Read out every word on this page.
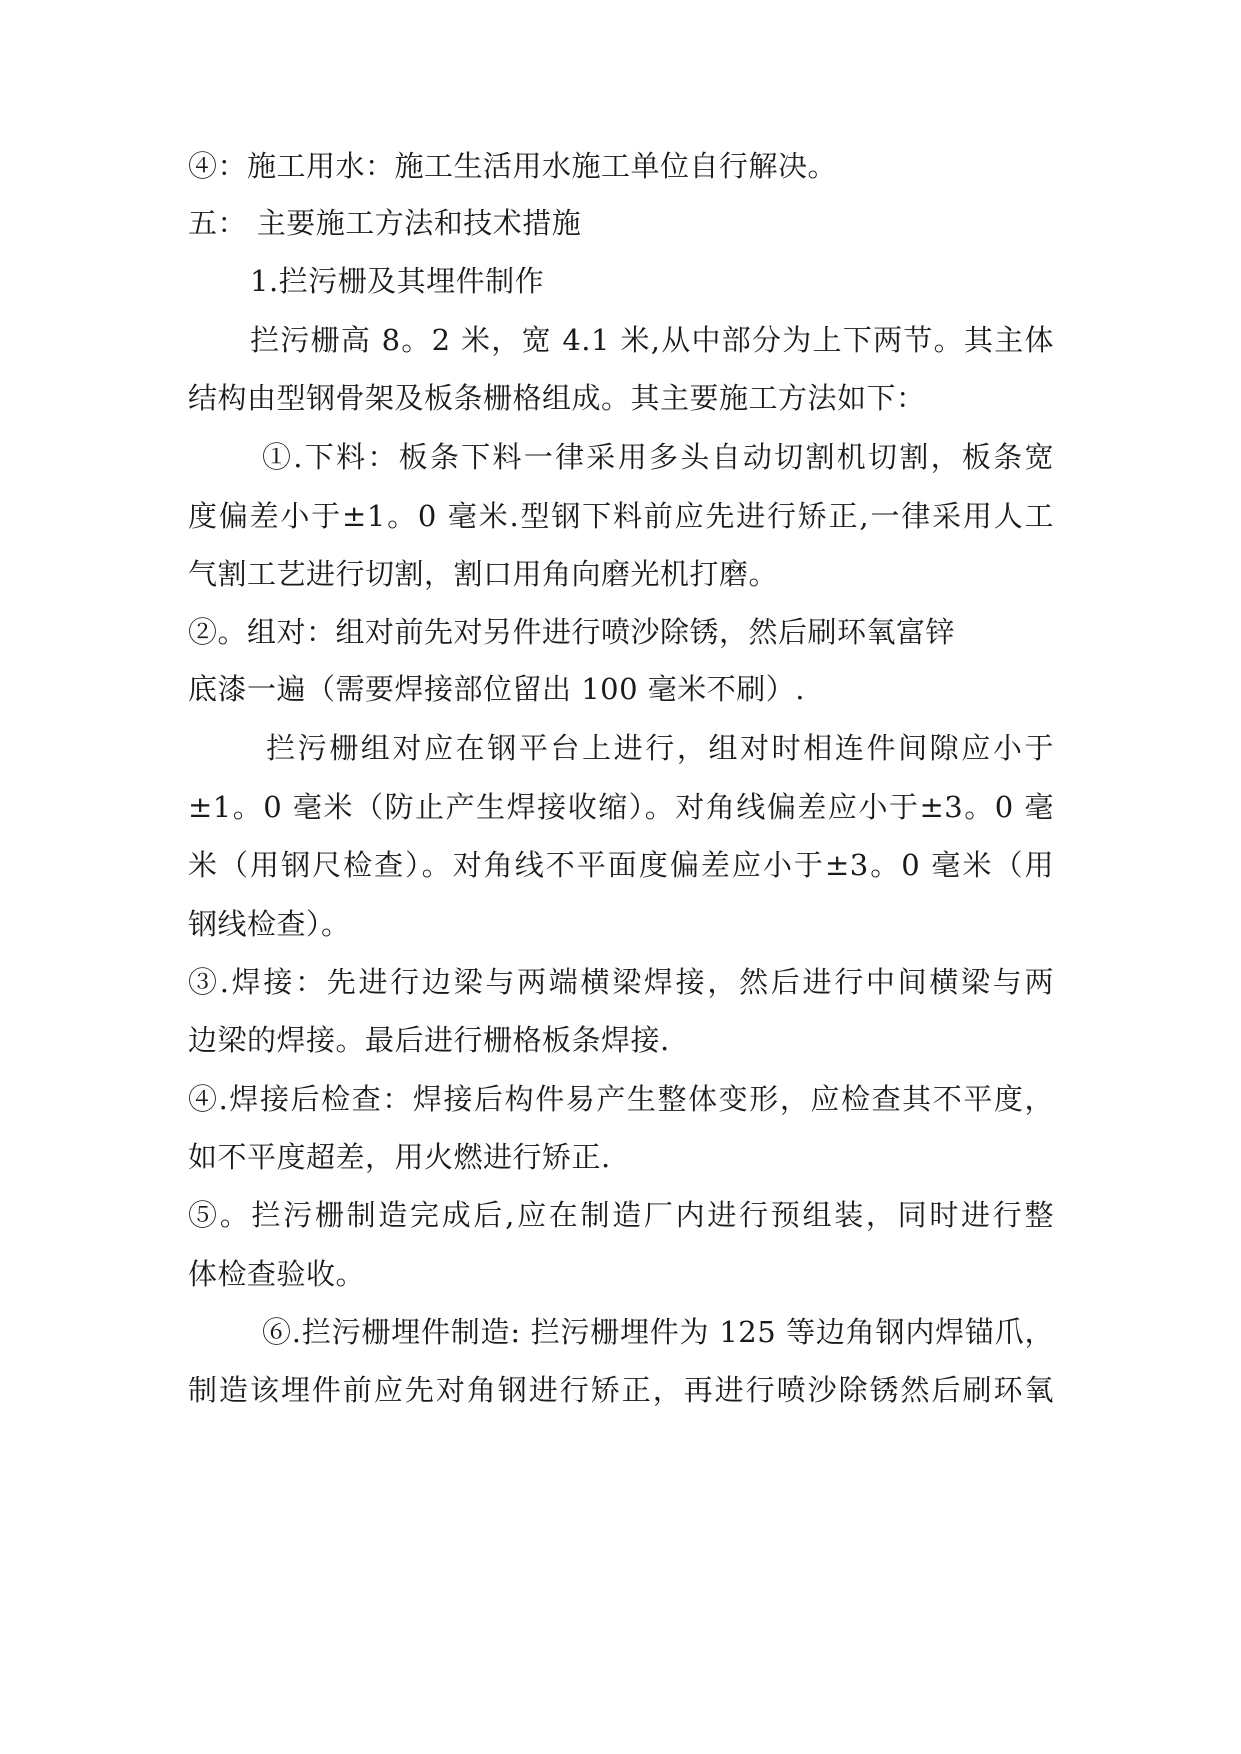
④：施工用水：施工生活用水施工单位自行解决。
五： 主要施工方法和技术措施
1.拦污栅及其埋件制作
拦污栅高 8。2 米，宽 4.1 米,从中部分为上下两节。其主体
结构由型钢骨架及板条栅格组成。其主要施工方法如下：
①.下料：板条下料一律采用多头自动切割机切割，板条宽
度偏差小于±1。0 毫米.型钢下料前应先进行矫正,一律采用人工
气割工艺进行切割，割口用角向磨光机打磨。
②。组对：组对前先对另件进行喷沙除锈，然后刷环氧富锌
底漆一遍（需要焊接部位留出 100 毫米不刷）.
拦污栅组对应在钢平台上进行，组对时相连件间隙应小于
±1。0 毫米（防止产生焊接收缩）。对角线偏差应小于±3。0 毫
米（用钢尺检查）。对角线不平面度偏差应小于±3。0 毫米（用
钢线检查）。
③.焊接：先进行边梁与两端横梁焊接，然后进行中间横梁与两
边梁的焊接。最后进行栅格板条焊接.
④.焊接后检查：焊接后构件易产生整体变形，应检查其不平度，
如不平度超差，用火燃进行矫正.
⑤。拦污栅制造完成后,应在制造厂内进行预组装，同时进行整
体检查验收。
⑥.拦污栅埋件制造: 拦污栅埋件为 125 等边角钢内焊锚爪，
制造该埋件前应先对角钢进行矫正，再进行喷沙除锈然后刷环氧
